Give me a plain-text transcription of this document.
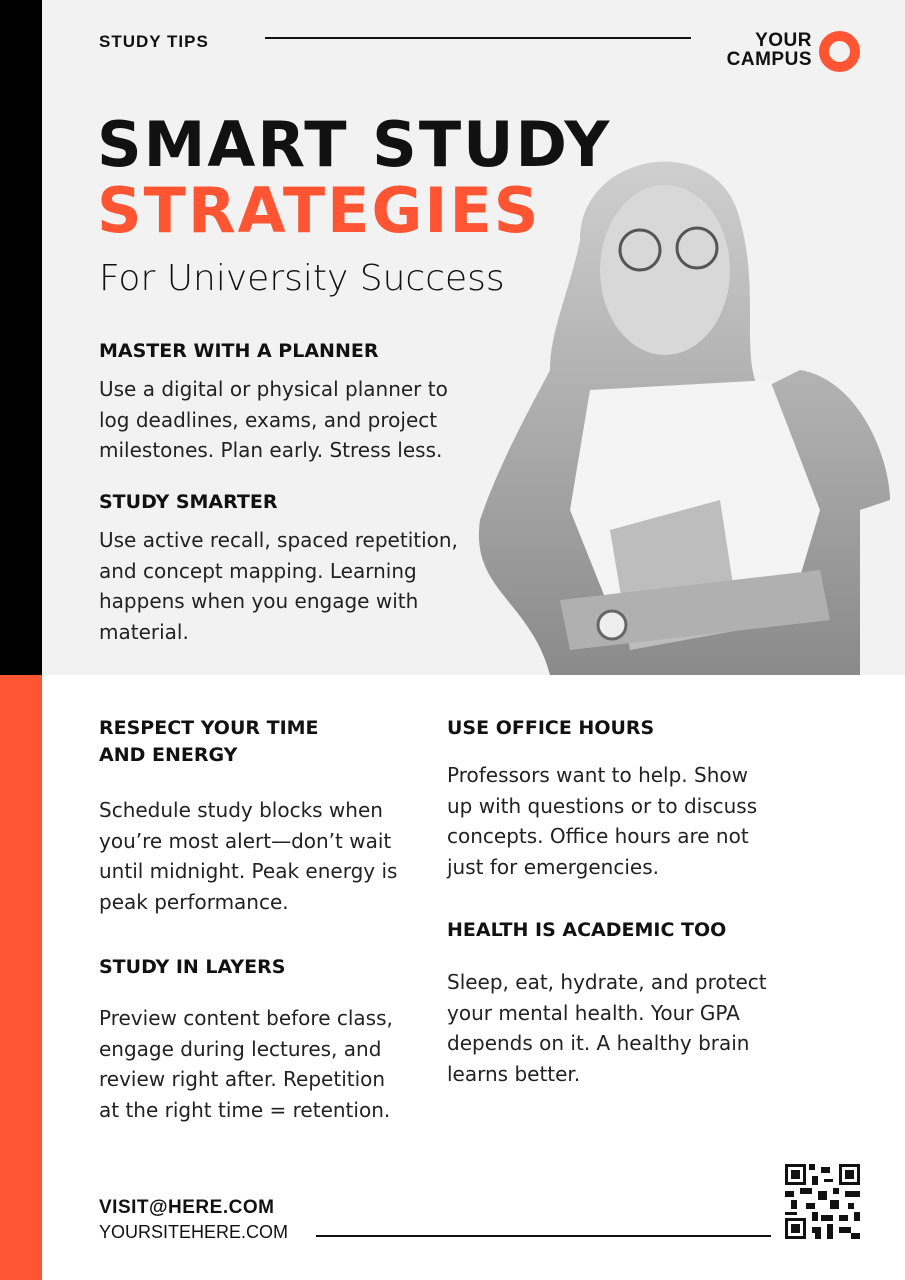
STUDY TIPS	YOUR
CAMPUS
SMART STUDY
STRATEGIES
For University Success
MASTER WITH A PLANNER
Use a digital or physical planner to log deadlines, exams, and project milestones. Plan early. Stress less.
STUDY SMARTER
Use active recall, spaced repetition, and concept mapping. Learning happens when you engage with material.
RESPECT YOUR TIME AND ENERGY
Schedule study blocks when you’re most alert—don’t wait until midnight. Peak energy is peak performance.
STUDY IN LAYERS
Preview content before class, engage during lectures, and review right after. Repetition at the right time = retention.
USE OFFICE HOURS
Professors want to help. Show up with questions or to discuss concepts. Office hours are not just for emergencies.
HEALTH IS ACADEMIC TOO
Sleep, eat, hydrate, and protect your mental health. Your GPA depends on it. A healthy brain learns better.
VISIT@HERE.COM
YOURSITEHERE.COM
